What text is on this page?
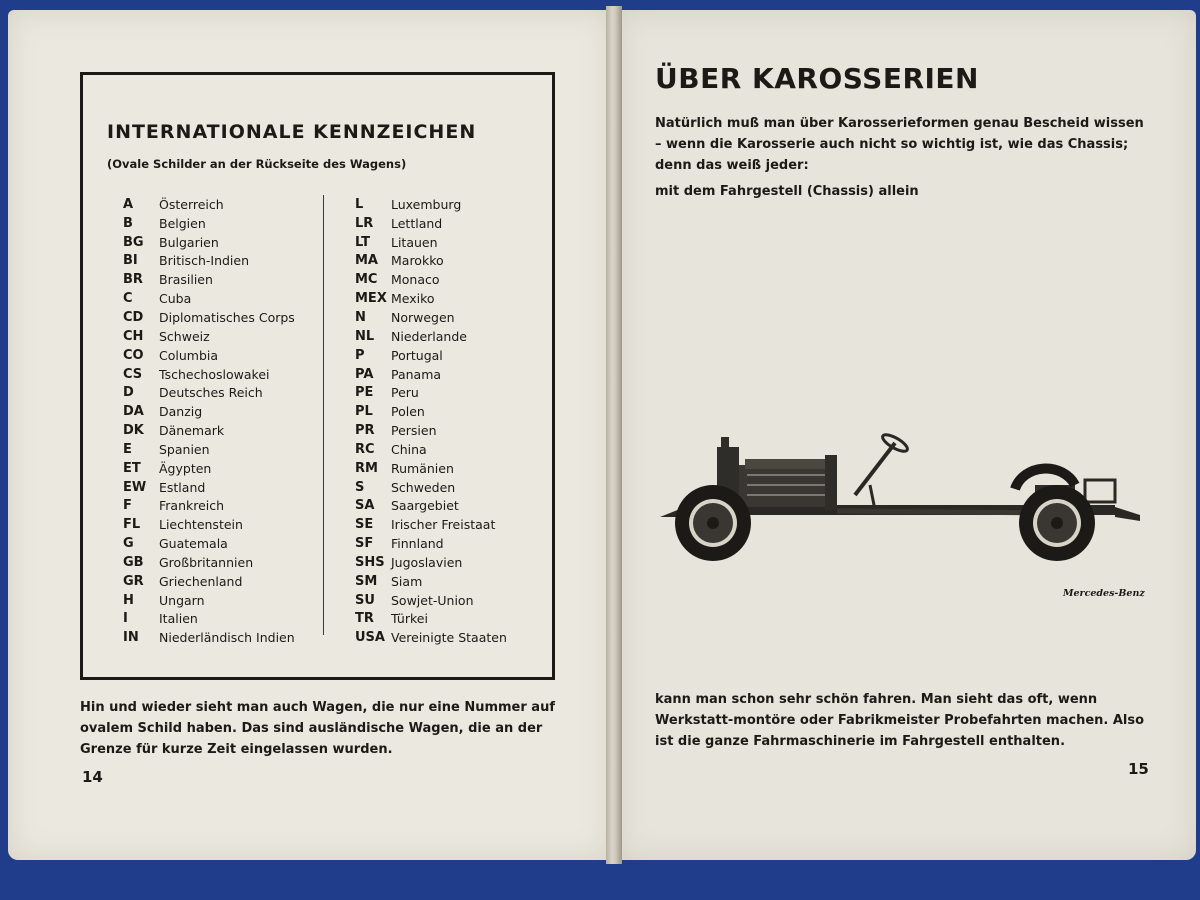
INTERNATIONALE KENNZEICHEN
(Ovale Schilder an der Rückseite des Wagens)
A	Österreich
B	Belgien
BG	Bulgarien
BI	Britisch-Indien
BR	Brasilien
C	Cuba
CD	Diplomatisches Corps
CH	Schweiz
CO	Columbia
CS	Tschechoslowakei
D	Deutsches Reich
DA	Danzig
DK	Dänemark
E	Spanien
ET	Ägypten
EW	Estland
F	Frankreich
FL	Liechtenstein
G	Guatemala
GB	Großbritannien
GR	Griechenland
H	Ungarn
I	Italien
IN	Niederländisch Indien
L	Luxemburg
LR	Lettland
LT	Litauen
MA	Marokko
MC	Monaco
MEX Mexiko
N	Norwegen
NL	Niederlande
P	Portugal
PA	Panama
PE	Peru
PL	Polen
PR	Persien
RC	China
RM	Rumänien
S	Schweden
SA	Saargebiet
SE	Irischer Freistaat
SF	Finnland
SHS Jugoslavien
SM	Siam
SU	Sowjet-Union
TR	Türkei
USA Vereinigte Staaten
Hin und wieder sieht man auch Wagen, die nur eine Nummer auf ovalem Schild haben. Das sind ausländische Wagen, die an der Grenze für kurze Zeit eingelassen wurden.
14
ÜBER KAROSSERIEN
Natürlich muß man über Karosserieformen genau Bescheid wissen – wenn die Karosserie auch nicht so wichtig ist, wie das Chassis; denn das weiß jeder:
mit dem Fahrgestell (Chassis) allein
Mercedes-Benz
kann man schon sehr schön fahren. Man sieht das oft, wenn Werkstatt-montöre oder Fabrikmeister Probefahrten machen. Also ist die ganze Fahrmaschinerie im Fahrgestell enthalten.
15
